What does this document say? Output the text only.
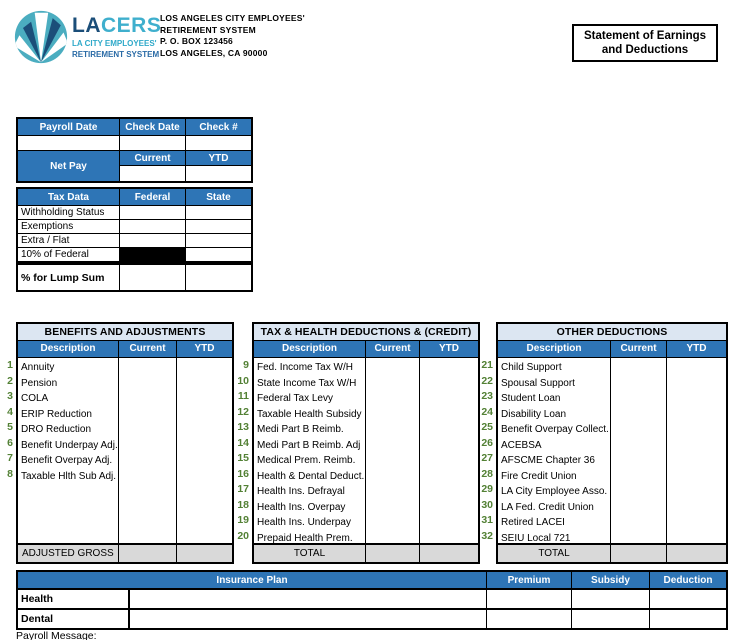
LACERS
LA CITY EMPLOYEES'
RETIREMENT SYSTEM
LOS ANGELES CITY EMPLOYEES'
RETIREMENT SYSTEM
P. O. BOX 123456
LOS ANGELES, CA 90000
Statement of Earnings
and Deductions
Payroll Date	Check Date	Check #
Net Pay
Current	YTD
Tax Data	Federal	State
Withholding Status
Exemptions
Extra / Flat
10% of Federal
% for Lump Sum
1
2
3
4
5
6
7
8
BENEFITS AND ADJUSTMENTS
Description	Current	YTD
Annuity
Pension
COLA
ERIP Reduction
DRO Reduction
Benefit Underpay Adj.
Benefit Overpay Adj.
Taxable Hlth Sub Adj.
ADJUSTED GROSS
9
10
11
12
13
14
15
16
17
18
19
20
TAX & HEALTH DEDUCTIONS & (CREDIT)
Description	Current	YTD
Fed. Income Tax W/H
State Income Tax W/H
Federal Tax Levy
Taxable Health Subsidy
Medi Part B Reimb.
Medi Part B Reimb. Adj
Medical Prem. Reimb.
Health & Dental Deduct.
Health Ins. Defrayal
Health Ins. Overpay
Health Ins. Underpay
Prepaid Health Prem.
TOTAL
21
22
23
24
25
26
27
28
29
30
31
32
OTHER DEDUCTIONS
Description	Current	YTD
Child Support
Spousal Support
Student Loan
Disability Loan
Benefit Overpay Collect.
ACEBSA
AFSCME Chapter 36
Fire Credit Union
LA City Employee Asso.
LA Fed. Credit Union
Retired LACEI
SEIU Local 721
TOTAL
Insurance Plan	Premium	Subsidy	Deduction
Health
Dental
Payroll Message:
